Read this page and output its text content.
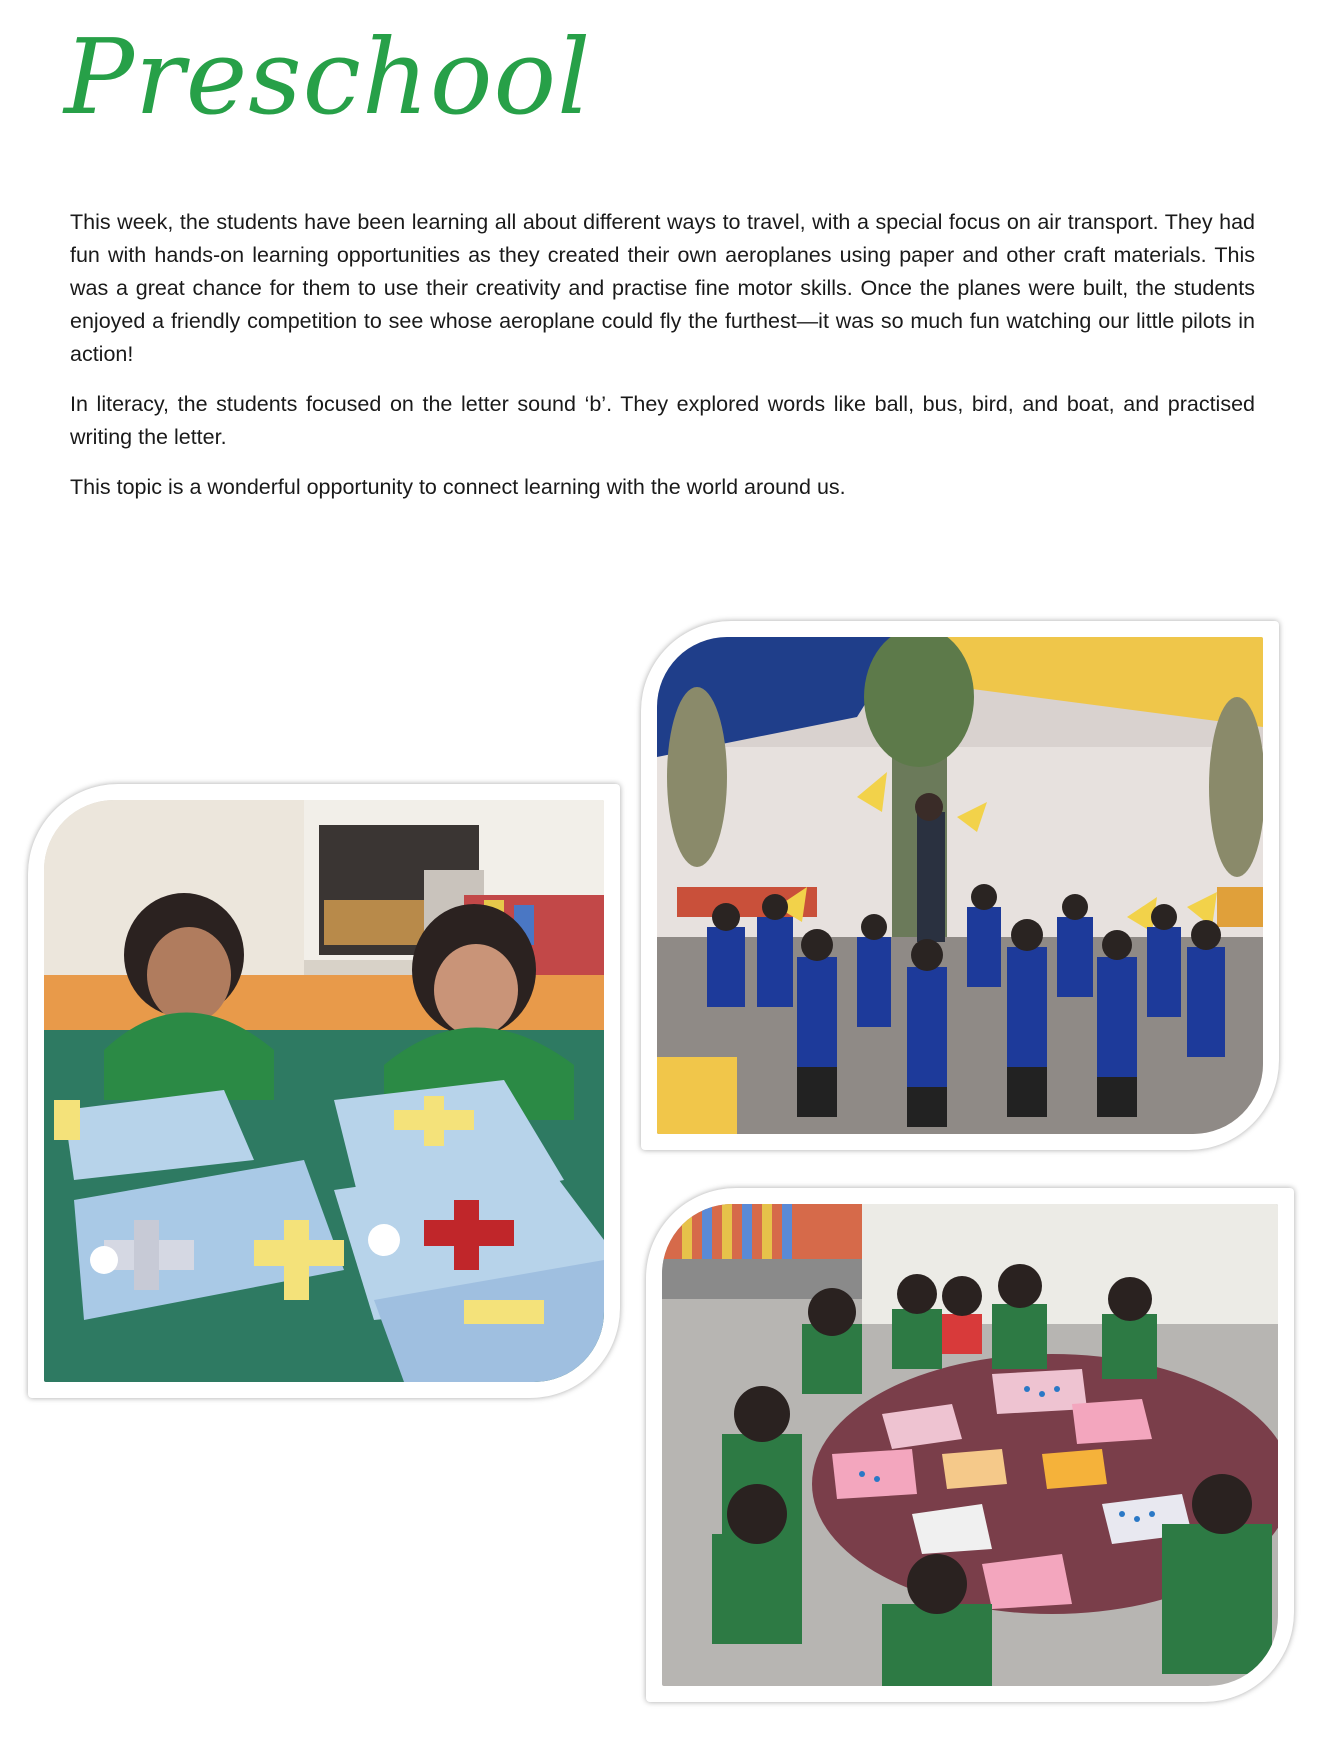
Preschool

This week, the students have been learning all about different ways to travel, with a special focus on air transport. They had fun with hands-on learning opportunities as they created their own aeroplanes using paper and other craft materials. This was a great chance for them to use their creativity and practise fine motor skills. Once the planes were built, the students enjoyed a friendly competition to see whose aeroplane could fly the furthest—it was so much fun watching our little pilots in action!

In literacy, the students focused on the letter sound ‘b’. They explored words like ball, bus, bird, and boat, and practised writing the letter.

This topic is a wonderful opportunity to connect learning with the world around us.
